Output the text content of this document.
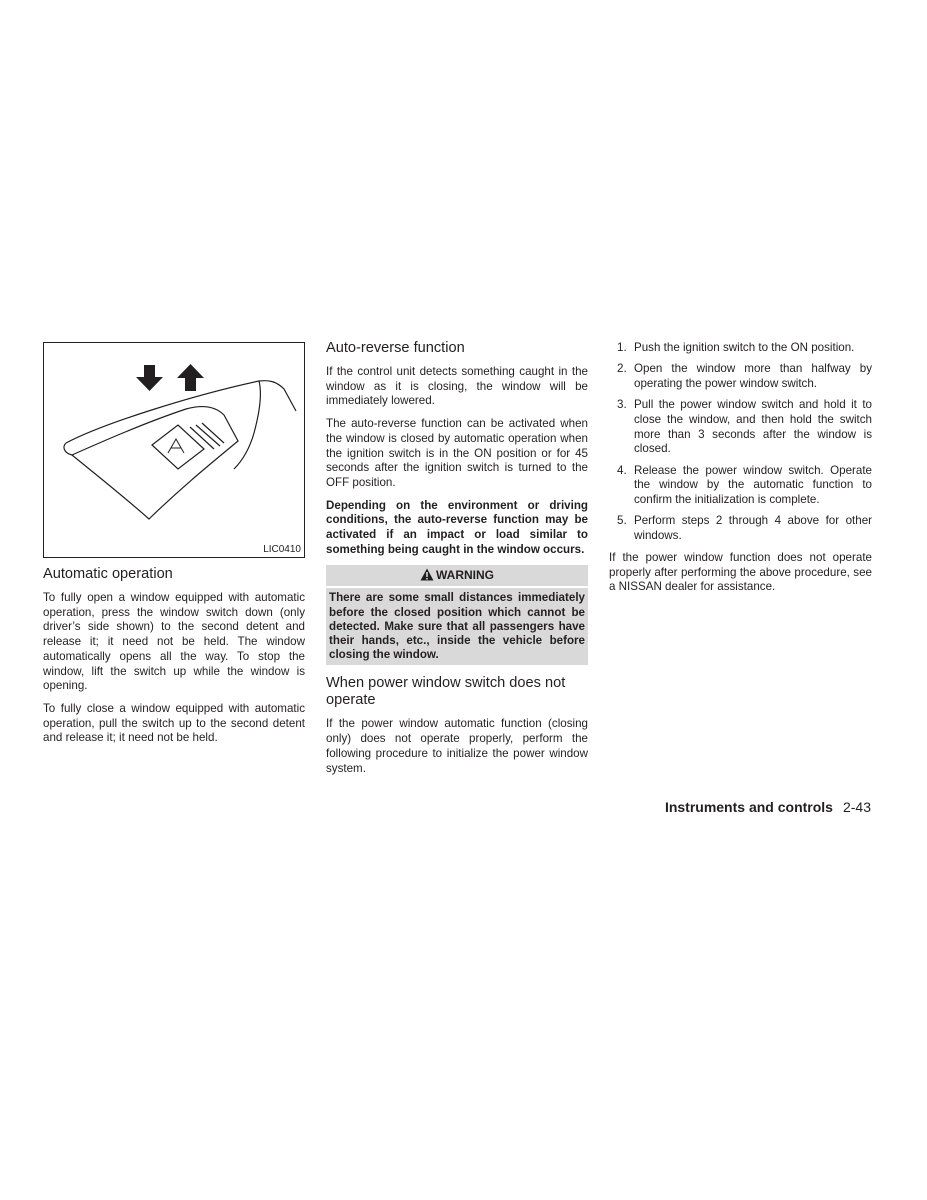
LIC0410
Automatic operation

To fully open a window equipped with automatic operation, press the window switch down (only driver’s side shown) to the second detent and release it; it need not be held. The window automatically opens all the way. To stop the window, lift the switch up while the window is opening.

To fully close a window equipped with automatic operation, pull the switch up to the second detent and release it; it need not be held.

Auto-reverse function

If the control unit detects something caught in the window as it is closing, the window will be immediately lowered.

The auto-reverse function can be activated when the window is closed by automatic operation when the ignition switch is in the ON position or for 45 seconds after the ignition switch is turned to the OFF position.

Depending on the environment or driving conditions, the auto-reverse function may be activated if an impact or load similar to something being caught in the window occurs.

WARNING
There are some small distances immediately before the closed position which cannot be detected. Make sure that all passengers have their hands, etc., inside the vehicle before closing the window.
When power window switch does not operate

If the power window automatic function (closing only) does not operate properly, perform the following procedure to initialize the power window system.

1. Push the ignition switch to the ON position.
2. Open the window more than halfway by operating the power window switch.
3. Pull the power window switch and hold it to close the window, and then hold the switch more than 3 seconds after the window is closed.
4. Release the power window switch. Operate the window by the automatic function to confirm the initialization is complete.
5. Perform steps 2 through 4 above for other windows.

If the power window function does not operate properly after performing the above procedure, see a NISSAN dealer for assistance.

Instruments and controls 2-43
